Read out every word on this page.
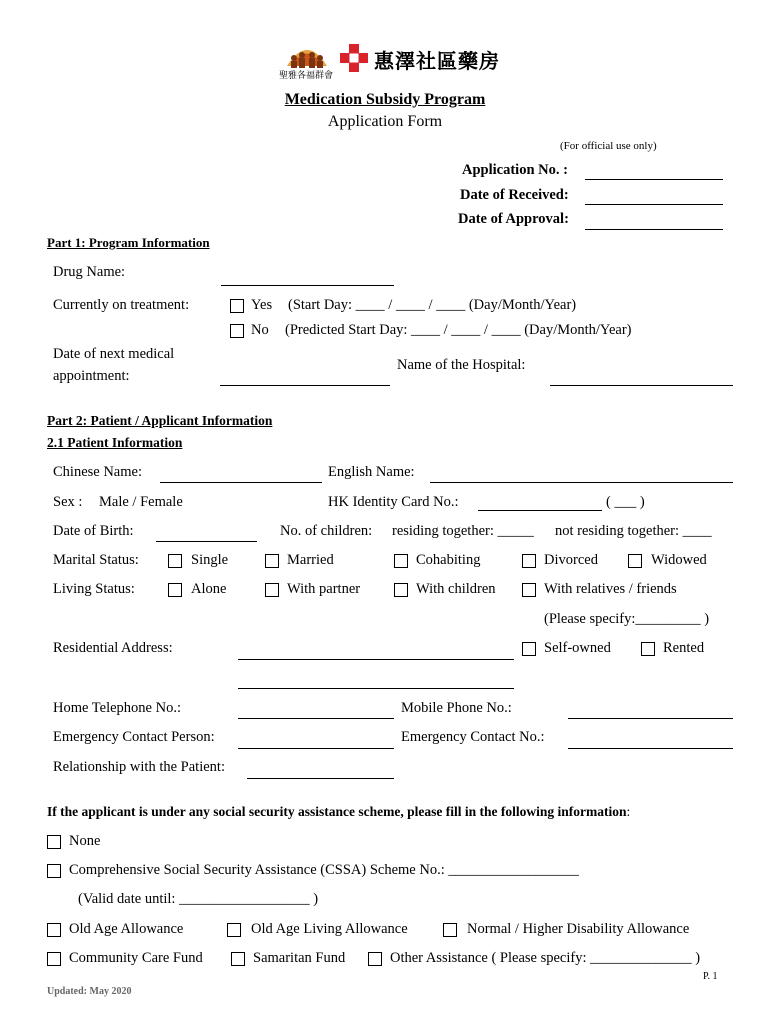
聖雅各福群會
惠澤社區藥房
Medication Subsidy Program
Application Form
(For official use only)
Application No. :
Date of Received:
Date of Approval:
Part 1: Program Information
Drug Name:
Currently on treatment:	Yes (Start Day: ____ / ____ / ____ (Day/Month/Year)
No (Predicted Start Day: ____ / ____ / ____ (Day/Month/Year)
Date of next medical
appointment:
Name of the Hospital:
Part 2: Patient / Applicant Information
2.1 Patient Information
Chinese Name:	English Name:
Sex : Male / Female	HK Identity Card No.:	( ___ )
Date of Birth:	No. of children: residing together: _____ not residing together: ____
Marital Status:	Single	Married	Cohabiting	Divorced	Widowed
Living Status:	Alone	With partner	With children	With relatives / friends
(Please specify:_________ )
Residential Address:	Self-owned	Rented
Home Telephone No.:	Mobile Phone No.:
Emergency Contact Person:	Emergency Contact No.:
Relationship with the Patient:
If the applicant is under any social security assistance scheme, please fill in the following information:
None
Comprehensive Social Security Assistance (CSSA) Scheme No.: __________________
(Valid date until: __________________ )
Old Age Allowance	Old Age Living Allowance	Normal / Higher Disability Allowance
Community Care Fund	Samaritan Fund	Other Assistance ( Please specify: ______________ )
P. 1
Updated: May 2020
